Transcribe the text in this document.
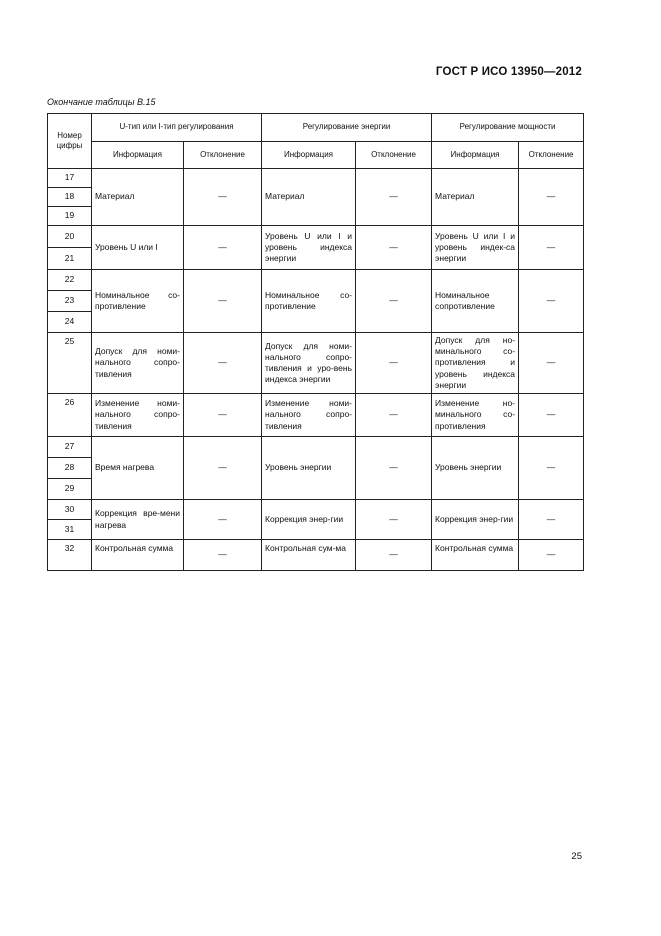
ГОСТ Р ИСО 13950—2012
Окончание таблицы В.15
Номер цифры	U-тип или I-тип регулирования		Регулирование энергии		Регулирование мощности	
	Информация	Отклонение	Информация	Отклонение	Информация	Отклонение
17	Материал	—	Материал	—	Материал	—
18						
19						
20	Уровень U или I	—	Уровень U или I и уровень индекса энергии	—	Уровень U или I и уровень индек-са энергии	—
21						
22	Номинальное со-противление	—	Номинальное со-противление	—	Номинальное сопротивление	—
23						
24						
25	Допуск для номи-нального сопро-тивления	—	Допуск для номи-нального сопро-тивления и уро-вень индекса энергии	—	Допуск для но-минального со-противления и уровень индекса энергии	—
26	Изменение номи-нального сопро-тивления	—	Изменение номи-нального сопро-тивления	—	Изменение но-минального со-противления	—
27	Время нагрева	—	Уровень энергии	—	Уровень энергии	—
28						
29						
30	Коррекция вре-мени нагрева	—	Коррекция энер-гии	—	Коррекция энер-гии	—
31						
32	Контрольная сумма	—	Контрольная сум-ма	—	Контрольная сумма	—
25
